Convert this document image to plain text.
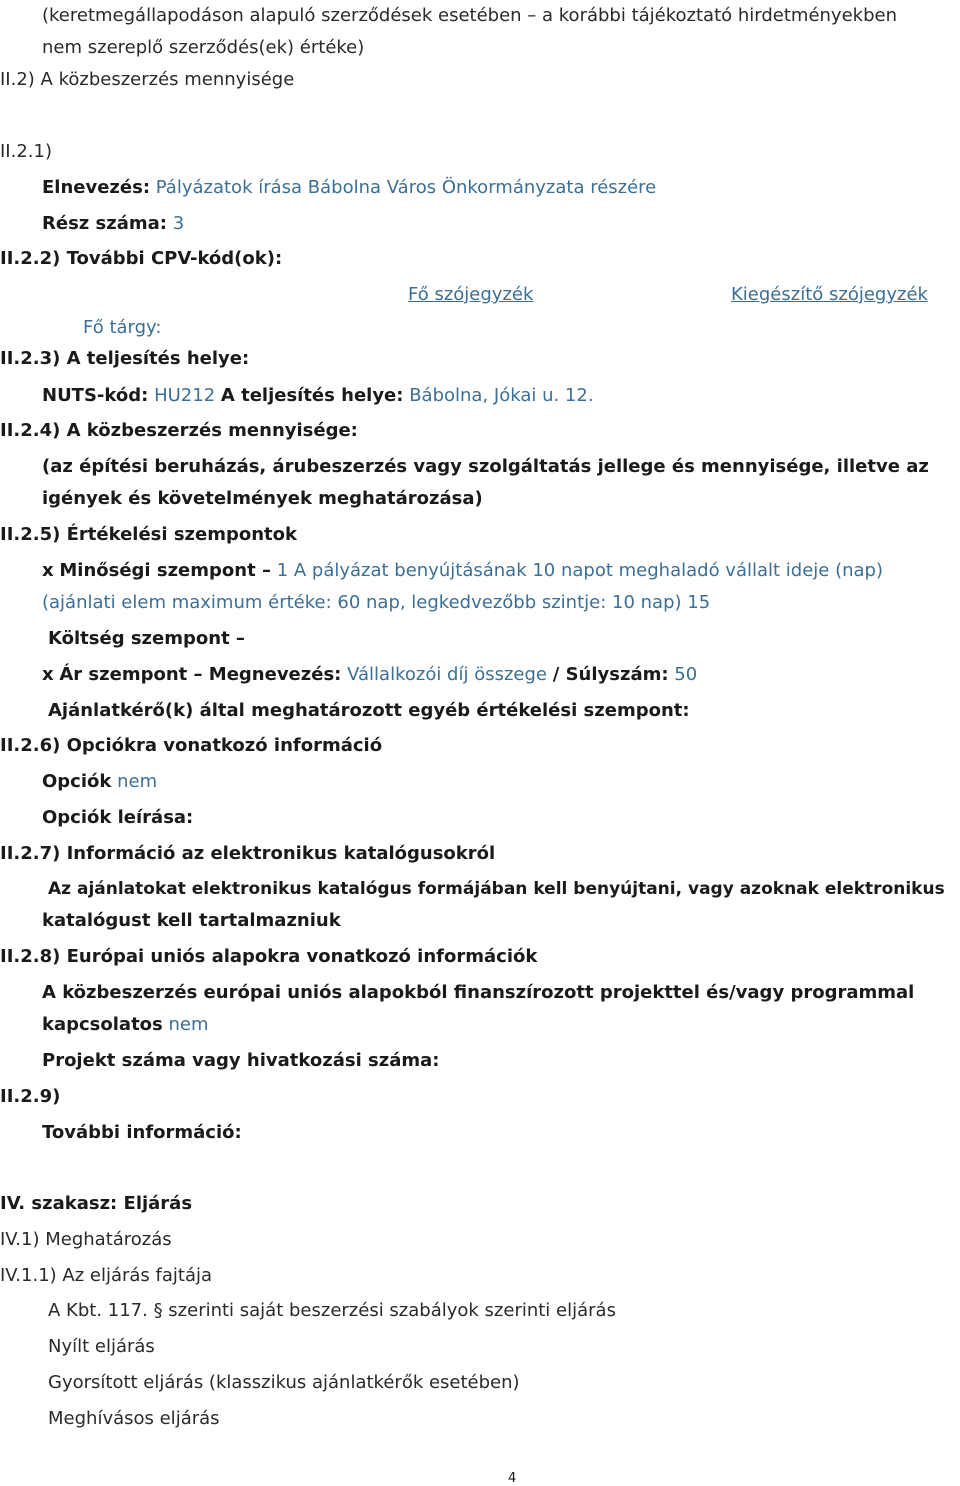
(keretmegállapodáson alapuló szerződések esetében – a korábbi tájékoztató hirdetményekben
nem szereplő szerződés(ek) értéke)
II.2) A közbeszerzés mennyisége
II.2.1)
Elnevezés: Pályázatok írása Bábolna Város Önkormányzata részére
Rész száma: 3
II.2.2) További CPV-kód(ok):
Fő szójegyzék	Kiegészítő szójegyzék
Fő tárgy:
II.2.3) A teljesítés helye:
NUTS-kód: HU212 A teljesítés helye: Bábolna, Jókai u. 12.
II.2.4) A közbeszerzés mennyisége:
(az építési beruházás, árubeszerzés vagy szolgáltatás jellege és mennyisége, illetve az
igények és követelmények meghatározása)
II.2.5) Értékelési szempontok
x Minőségi szempont – 1 A pályázat benyújtásának 10 napot meghaladó vállalt ideje (nap)
(ajánlati elem maximum értéke: 60 nap, legkedvezőbb szintje: 10 nap) 15
Költség szempont –
x Ár szempont – Megnevezés: Vállalkozói díj összege / Súlyszám: 50
Ajánlatkérő(k) által meghatározott egyéb értékelési szempont:
II.2.6) Opciókra vonatkozó információ
Opciók nem
Opciók leírása:
II.2.7) Információ az elektronikus katalógusokról
Az ajánlatokat elektronikus katalógus formájában kell benyújtani, vagy azoknak elektronikus
katalógust kell tartalmazniuk
II.2.8) Európai uniós alapokra vonatkozó információk
A közbeszerzés európai uniós alapokból finanszírozott projekttel és/vagy programmal
kapcsolatos nem
Projekt száma vagy hivatkozási száma:
II.2.9)
További információ:
IV. szakasz: Eljárás
IV.1) Meghatározás
IV.1.1) Az eljárás fajtája
A Kbt. 117. § szerinti saját beszerzési szabályok szerinti eljárás
Nyílt eljárás
Gyorsított eljárás (klasszikus ajánlatkérők esetében)
Meghívásos eljárás
4
